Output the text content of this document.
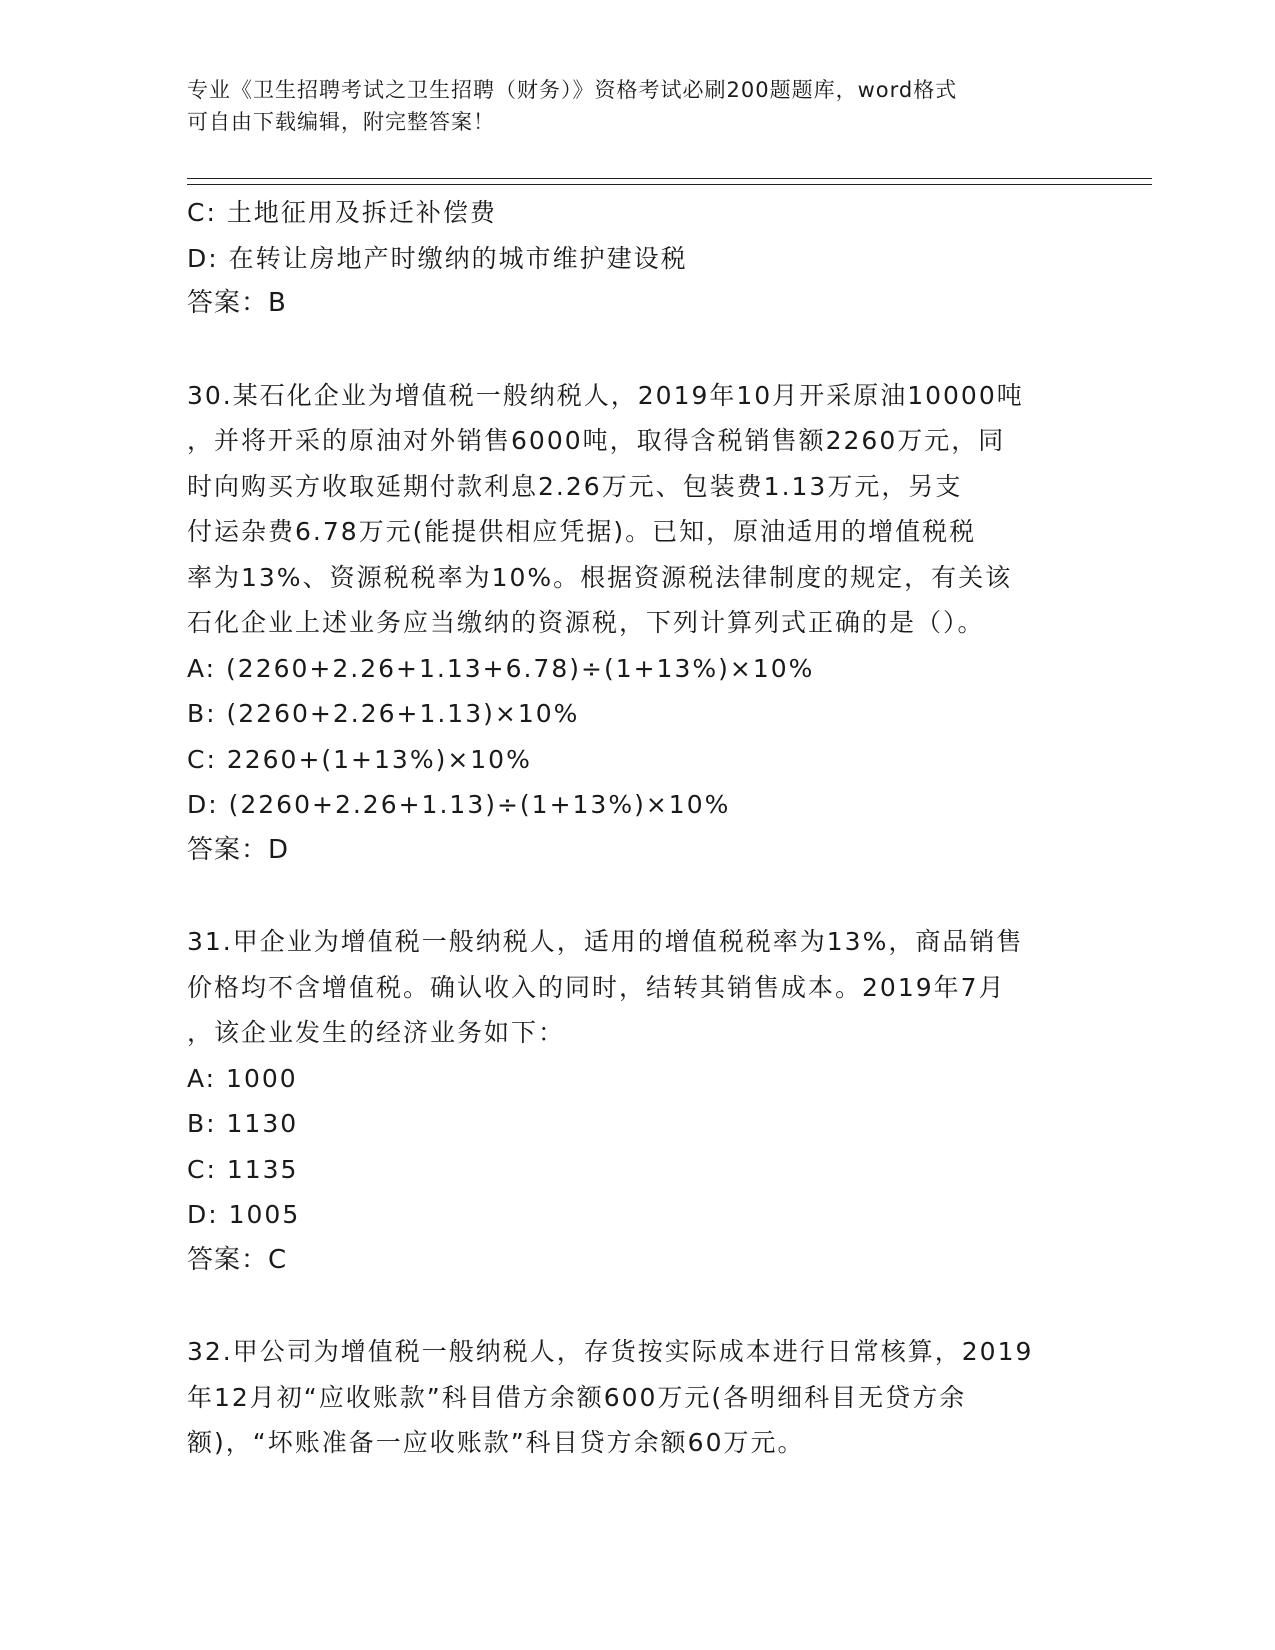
专业《卫生招聘考试之卫生招聘（财务）》资格考试必刷200题题库，word格式
可自由下载编辑，附完整答案！
C: 土地征用及拆迁补偿费
D: 在转让房地产时缴纳的城市维护建设税
答案：B
30.某石化企业为增值税一般纳税人，2019年10月开采原油10000吨
，并将开采的原油对外销售6000吨，取得含税销售额2260万元，同
时向购买方收取延期付款利息2.26万元、包装费1.13万元，另支
付运杂费6.78万元(能提供相应凭据)。已知，原油适用的增值税税
率为13%、资源税税率为10%。根据资源税法律制度的规定，有关该
石化企业上述业务应当缴纳的资源税，下列计算列式正确的是（）。
A: (2260+2.26+1.13+6.78)÷(1+13%)×10%
B: (2260+2.26+1.13)×10%
C: 2260+(1+13%)×10%
D: (2260+2.26+1.13)÷(1+13%)×10%
答案：D
31.甲企业为增值税一般纳税人，适用的增值税税率为13%，商品销售
价格均不含增值税。确认收入的同时，结转其销售成本。2019年7月
，该企业发生的经济业务如下：
A: 1000
B: 1130
C: 1135
D: 1005
答案：C
32.甲公司为增值税一般纳税人，存货按实际成本进行日常核算，2019
年12月初“应收账款”科目借方余额600万元(各明细科目无贷方余
额)，“坏账准备一应收账款”科目贷方余额60万元。
